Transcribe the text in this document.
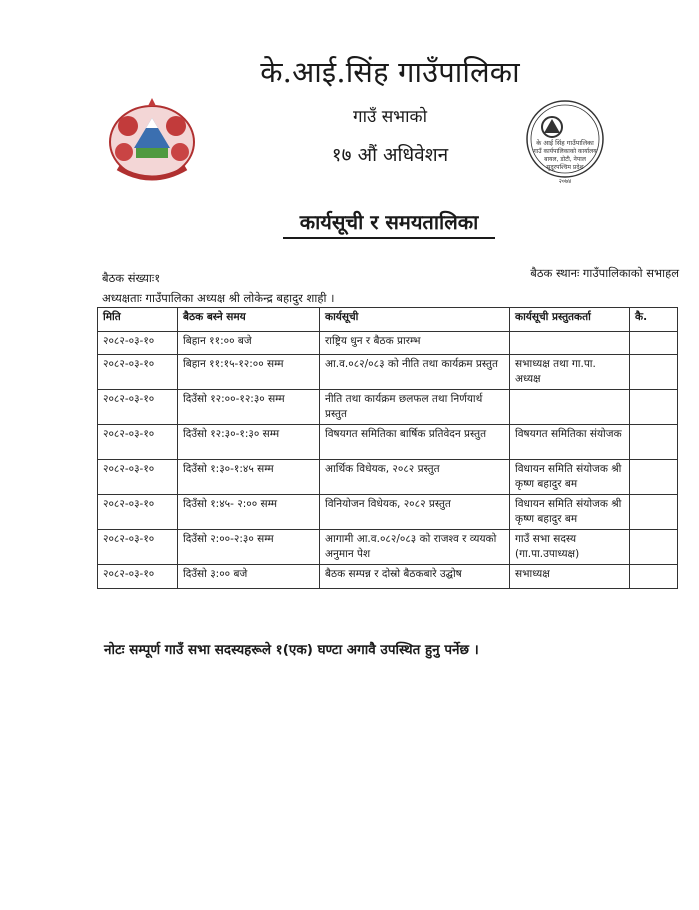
के आई सिंह गाउँपालिका
गाउँ कार्यपालिकाको कार्यालय
बायल, डोटी, नेपाल
सुदूरपश्चिम प्रदेश
२०७४
के.आई.सिंह गाउँपालिका
गाउँ सभाको
१७ औं अधिवेशन
कार्यसूची र समयतालिका
बैठक संख्याः१	बैठक स्थानः गाउँपालिकाको सभाहल
अध्यक्षताः गाउँपालिका अध्यक्ष श्री लोकेन्द्र बहादुर शाही ।
मिति	बैठक बस्ने समय	कार्यसूची	कार्यसूची प्रस्तुतकर्ता	कै.
२०८२-०३-१०	बिहान ११:०० बजे	राष्ट्रिय धुन र बैठक प्रारम्भ		
२०८२-०३-१०	बिहान ११:१५-१२:०० सम्म	आ.व.०८२/०८३ को नीति तथा कार्यक्रम प्रस्तुत	सभाध्यक्ष तथा गा.पा. अध्यक्ष	
२०८२-०३-१०	दिउँसो १२:००-१२:३० सम्म	नीति तथा कार्यक्रम छलफल तथा निर्णयार्थ प्रस्तुत		
२०८२-०३-१०	दिउँसो १२:३०-१:३० सम्म	विषयगत समितिका बार्षिक प्रतिवेदन प्रस्तुत	विषयगत समितिका संयोजक	
२०८२-०३-१०	दिउँसो १:३०-१:४५ सम्म	आर्थिक विधेयक, २०८२ प्रस्तुत	विधायन समिति संयोजक श्री कृष्ण बहादुर बम	
२०८२-०३-१०	दिउँसो १:४५- २:०० सम्म	विनियोजन विधेयक, २०८२ प्रस्तुत	विधायन समिति संयोजक श्री कृष्ण बहादुर बम	
२०८२-०३-१०	दिउँसो २:००-२:३० सम्म	आगामी आ.व.०८२/०८३ को राजश्व र व्ययको अनुमान पेश	गाउँ सभा सदस्य (गा.पा.उपाध्यक्ष)	
२०८२-०३-१०	दिउँसो ३:०० बजे	बैठक सम्पन्न र दोस्रो बैठकबारे उद्घोष	सभाध्यक्ष	
नोटः सम्पूर्ण गाउँ सभा सदस्यहरूले १(एक) घण्टा अगावै उपस्थित हुनु पर्नेछ ।
